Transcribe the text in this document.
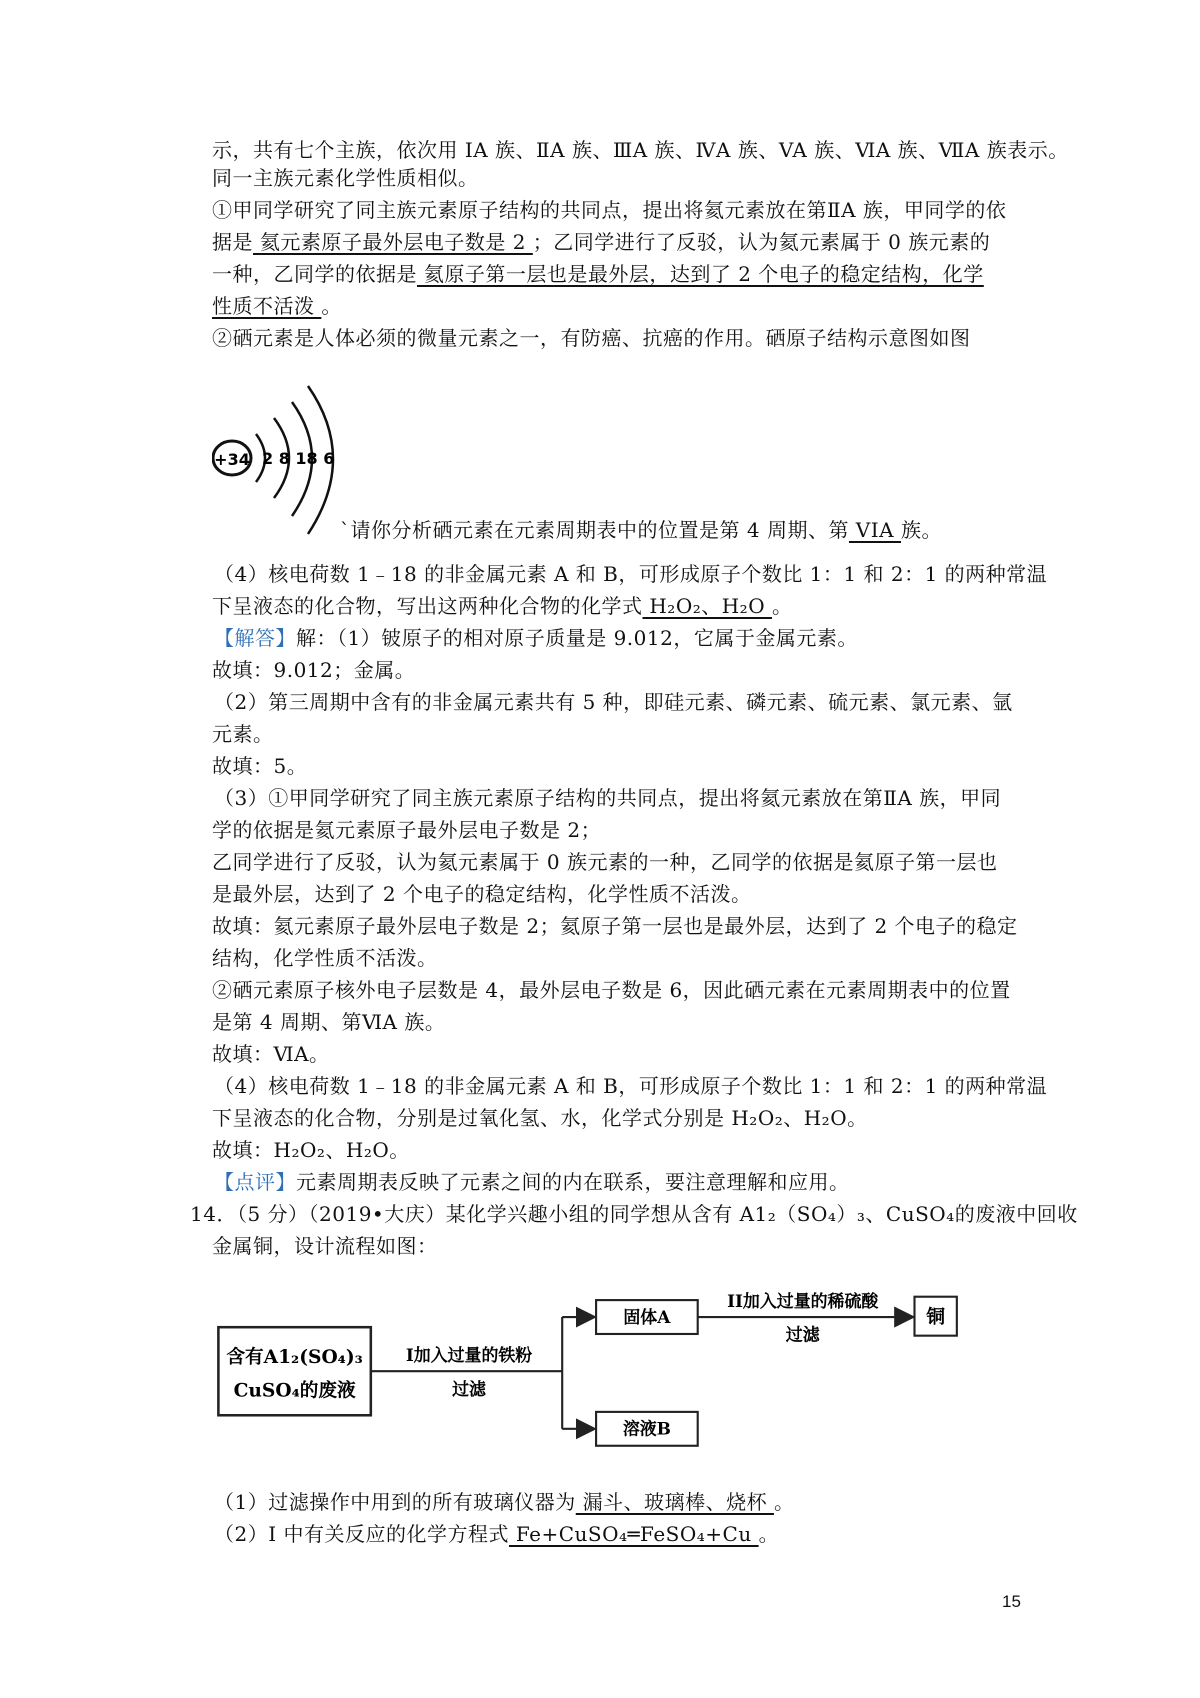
示，共有七个主族，依次用 IA 族、ⅡA 族、ⅢA 族、ⅣA 族、VA 族、ⅥA 族、ⅦA 族表示。
同一主族元素化学性质相似。
①甲同学研究了同主族元素原子结构的共同点，提出将氦元素放在第ⅡA 族，甲同学的依
据是 氦元素原子最外层电子数是 2 ；乙同学进行了反驳，认为氦元素属于 0 族元素的
一种，乙同学的依据是 氦原子第一层也是最外层，达到了 2 个电子的稳定结构，化学
性质不活泼 。
②硒元素是人体必须的微量元素之一，有防癌、抗癌的作用。硒原子结构示意图如图
+34 2 8 18 6
`请你分析硒元素在元素周期表中的位置是第 4 周期、第 VIA 族。
（4）核电荷数 1﹣18 的非金属元素 A 和 B，可形成原子个数比 1：1 和 2：1 的两种常温
下呈液态的化合物，写出这两种化合物的化学式 H₂O₂、H₂O 。
【解答】解：（1）铍原子的相对原子质量是 9.012，它属于金属元素。
故填：9.012；金属。
（2）第三周期中含有的非金属元素共有 5 种，即硅元素、磷元素、硫元素、氯元素、氩
元素。
故填：5。
（3）①甲同学研究了同主族元素原子结构的共同点，提出将氦元素放在第ⅡA 族，甲同
学的依据是氦元素原子最外层电子数是 2；
乙同学进行了反驳，认为氦元素属于 0 族元素的一种，乙同学的依据是氦原子第一层也
是最外层，达到了 2 个电子的稳定结构，化学性质不活泼。
故填：氦元素原子最外层电子数是 2；氦原子第一层也是最外层，达到了 2 个电子的稳定
结构，化学性质不活泼。
②硒元素原子核外电子层数是 4，最外层电子数是 6，因此硒元素在元素周期表中的位置
是第 4 周期、第ⅥA 族。
故填：ⅥA。
（4）核电荷数 1﹣18 的非金属元素 A 和 B，可形成原子个数比 1：1 和 2：1 的两种常温
下呈液态的化合物，分别是过氧化氢、水，化学式分别是 H₂O₂、H₂O。
故填：H₂O₂、H₂O。
【点评】元素周期表反映了元素之间的内在联系，要注意理解和应用。
14．（5 分）（2019•大庆）某化学兴趣小组的同学想从含有 A1₂（SO₄）₃、CuSO₄的废液中回收
金属铜，设计流程如图：
含有A1₂(SO₄)₃
CuSO₄的废液
I加入过量的铁粉
过滤
固体A
溶液B
II加入过量的稀硫酸
过滤
铜
（1）过滤操作中用到的所有玻璃仪器为 漏斗、玻璃棒、烧杯 。
（2）I 中有关反应的化学方程式 Fe+CuSO₄═FeSO₄+Cu 。
15
